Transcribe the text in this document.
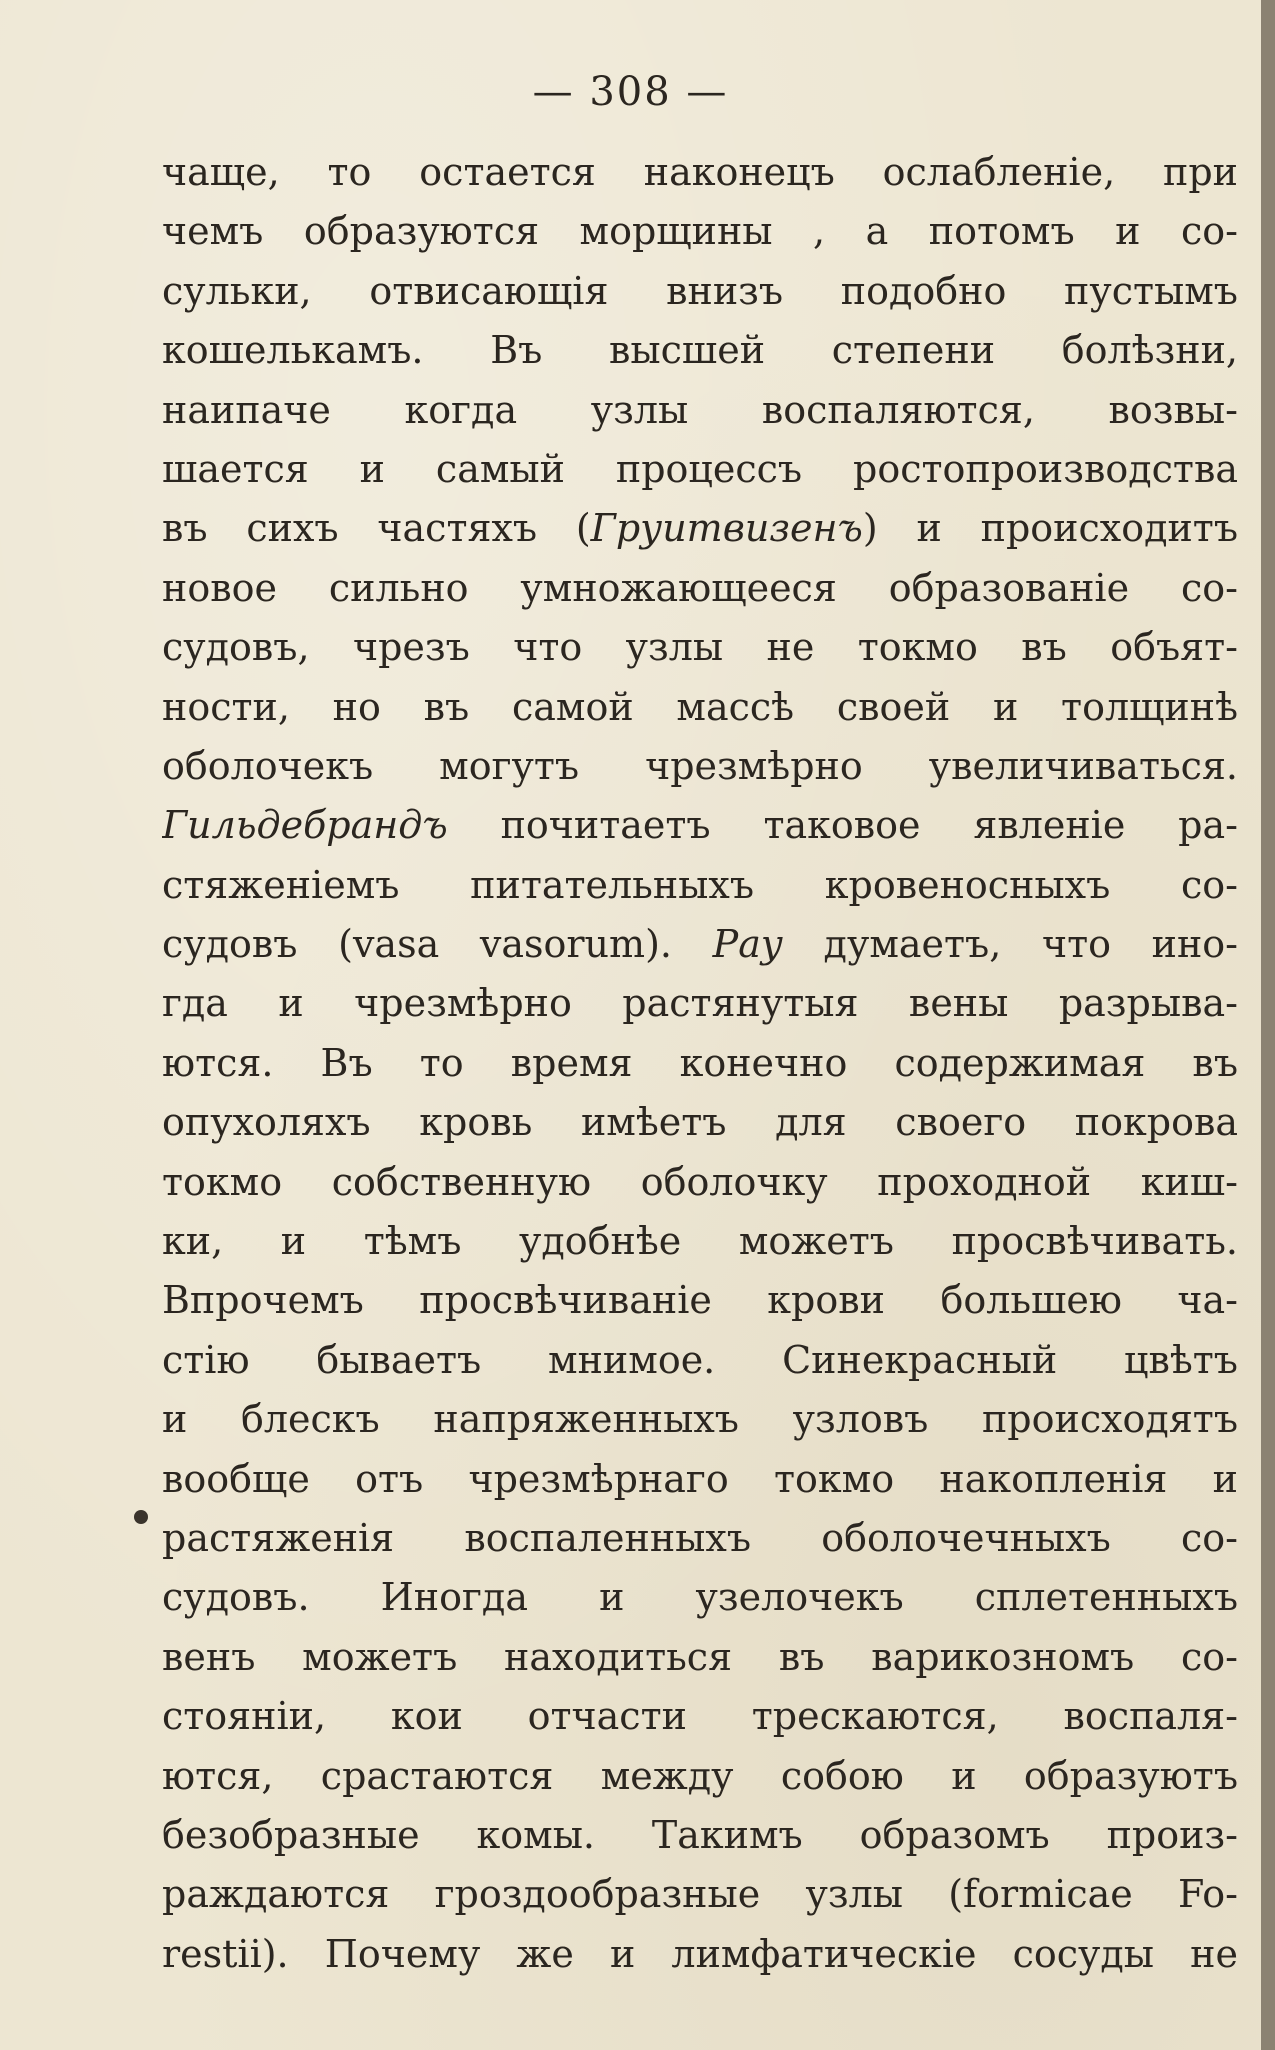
— 308 —
чаще, то остается наконецъ ослабленіе, при
чемъ образуются морщины , а потомъ и со-
сульки, отвисающія внизъ подобно пустымъ
кошелькамъ. Въ высшей степени болѣзни,
наипаче когда узлы воспаляются, возвы-
шается и самый процессъ ростопроизводства
въ сихъ частяхъ (Груитвизенъ) и происходитъ
новое сильно умножающееся образованіе со-
судовъ, чрезъ что узлы не токмо въ объят-
ности, но въ самой массѣ своей и толщинѣ
оболочекъ могутъ чрезмѣрно увеличиваться.
Гильдебрандъ почитаетъ таковое явленіе ра-
стяженіемъ питательныхъ кровеносныхъ со-
судовъ (vasa vasorum). Рау думаетъ, что ино-
гда и чрезмѣрно растянутыя вены разрыва-
ются. Въ то время конечно содержимая въ
опухоляхъ кровь имѣетъ для своего покрова
токмо собственную оболочку проходной киш-
ки, и тѣмъ удобнѣе можетъ просвѣчивать.
Впрочемъ просвѣчиваніе крови большею ча-
стію бываетъ мнимое. Синекрасный цвѣтъ
и блескъ напряженныхъ узловъ происходятъ
вообще отъ чрезмѣрнаго токмо накопленія и
растяженія воспаленныхъ оболочечныхъ со-
судовъ. Иногда и узелочекъ сплетенныхъ
венъ можетъ находиться въ варикозномъ со-
стояніи, кои отчасти трескаются, воспаля-
ются, срастаются между собою и образуютъ
безобразные комы. Такимъ образомъ произ-
раждаются гроздообразные узлы (formicae Fo-
restii). Почему же и лимфатическіе сосуды не
